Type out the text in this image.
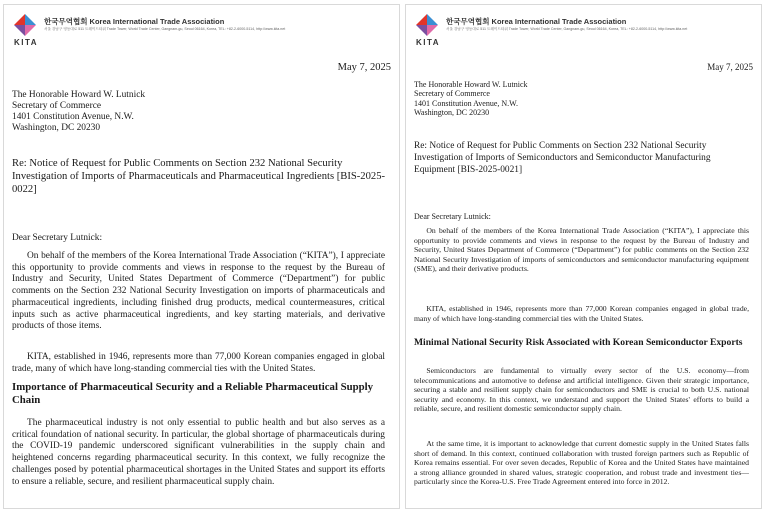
KITA
한국무역협회 Korea International Trade Association
서울 강남구 영동대로 511 트레이드타워 Trade Tower, World Trade Center, Gangnam-gu, Seoul 06164, Korea, TEL: +82-2-6000-5114, http://www.kita.net
May 7, 2025
The Honorable Howard W. Lutnick
Secretary of Commerce
1401 Constitution Avenue, N.W.
Washington, DC 20230

Re: Notice of Request for Public Comments on Section 232 National Security Investigation of Imports of Pharmaceuticals and Pharmaceutical Ingredients [BIS-2025-0022]

Dear Secretary Lutnick:

On behalf of the members of the Korea International Trade Association (“KITA”), I appreciate this opportunity to provide comments and views in response to the request by the Bureau of Industry and Security, United States Department of Commerce (“Department”) for public comments on the Section 232 National Security Investigation on imports of pharmaceuticals and pharmaceutical ingredients, including finished drug products, medical countermeasures, critical inputs such as active pharmaceutical ingredients, and key starting materials, and derivative products of those items.

KITA, established in 1946, represents more than 77,000 Korean companies engaged in global trade, many of which have long-standing commercial ties with the United States.

Importance of Pharmaceutical Security and a Reliable Pharmaceutical Supply Chain

The pharmaceutical industry is not only essential to public health and but also serves as a critical foundation of national security. In particular, the global shortage of pharmaceuticals during the COVID-19 pandemic underscored significant vulnerabilities in the supply chain and heightened concerns regarding pharmaceutical security. In this context, we fully recognize the challenges posed by potential pharmaceutical shortages in the United States and support its efforts to ensure a reliable, secure, and resilient pharmaceutical supply chain.

KITA
한국무역협회 Korea International Trade Association
서울 강남구 영동대로 511 트레이드타워 Trade Tower, World Trade Center, Gangnam-gu, Seoul 06164, Korea, TEL: +82-2-6000-5114, http://www.kita.net
May 7, 2025
The Honorable Howard W. Lutnick
Secretary of Commerce
1401 Constitution Avenue, N.W.
Washington, DC 20230

Re: Notice of Request for Public Comments on Section 232 National Security Investigation of Imports of Semiconductors and Semiconductor Manufacturing Equipment [BIS-2025-0021]

Dear Secretary Lutnick:

On behalf of the members of the Korea International Trade Association (“KITA”), I appreciate this opportunity to provide comments and views in response to the request by the Bureau of Industry and Security, United States Department of Commerce (“Department”) for public comments on the Section 232 National Security Investigation of imports of semiconductors and semiconductor manufacturing equipment (SME), and their derivative products.

KITA, established in 1946, represents more than 77,000 Korean companies engaged in global trade, many of which have long-standing commercial ties with the United States.

Minimal National Security Risk Associated with Korean Semiconductor Exports

Semiconductors are fundamental to virtually every sector of the U.S. economy—from telecommunications and automotive to defense and artificial intelligence. Given their strategic importance, securing a stable and resilient supply chain for semiconductors and SME is crucial to both U.S. national security and economy. In this context, we understand and support the United States' efforts to build a reliable, secure, and resilient domestic semiconductor supply chain.

At the same time, it is important to acknowledge that current domestic supply in the United States falls short of demand. In this context, continued collaboration with trusted foreign partners such as Republic of Korea remains essential. For over seven decades, Republic of Korea and the United States have maintained a strong alliance grounded in shared values, strategic cooperation, and robust trade and investment ties—particularly since the Korea-U.S. Free Trade Agreement entered into force in 2012.
